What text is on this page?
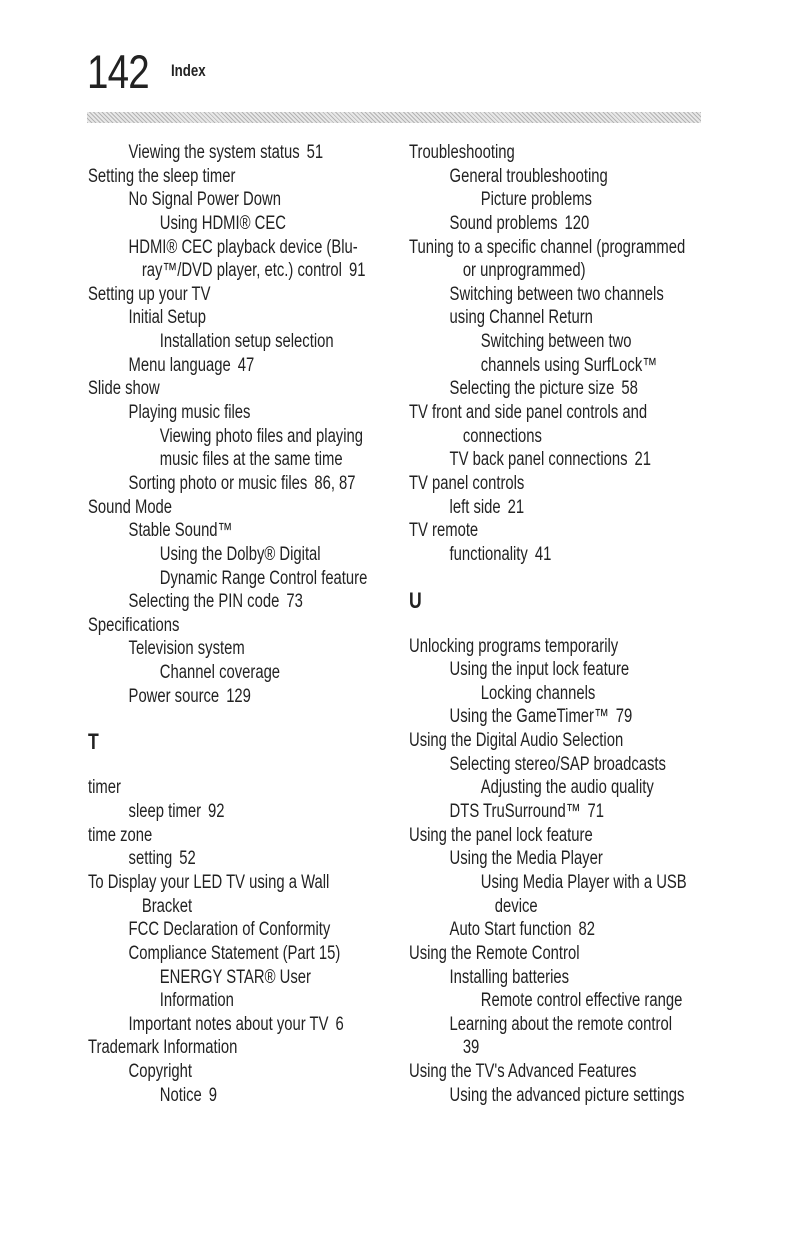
142 Index
Viewing the system status 51
Setting the sleep timer
No Signal Power Down
Using HDMI® CEC
HDMI® CEC playback device (Blu-
ray™/DVD player, etc.) control 91
Setting up your TV
Initial Setup
Installation setup selection
Menu language 47
Slide show
Playing music files
Viewing photo files and playing
music files at the same time
Sorting photo or music files 86, 87
Sound Mode
Stable Sound™
Using the Dolby® Digital
Dynamic Range Control feature
Selecting the PIN code 73
Specifications
Television system
Channel coverage
Power source 129
T
timer
sleep timer 92
time zone
setting 52
To Display your LED TV using a Wall
Bracket
FCC Declaration of Conformity
Compliance Statement (Part 15)
ENERGY STAR® User
Information
Important notes about your TV 6
Trademark Information
Copyright
Notice 9
Troubleshooting
General troubleshooting
Picture problems
Sound problems 120
Tuning to a specific channel (programmed
or unprogrammed)
Switching between two channels
using Channel Return
Switching between two
channels using SurfLock™
Selecting the picture size 58
TV front and side panel controls and
connections
TV back panel connections 21
TV panel controls
left side 21
TV remote
functionality 41
U
Unlocking programs temporarily
Using the input lock feature
Locking channels
Using the GameTimer™ 79
Using the Digital Audio Selection
Selecting stereo/SAP broadcasts
Adjusting the audio quality
DTS TruSurround™ 71
Using the panel lock feature
Using the Media Player
Using Media Player with a USB
device
Auto Start function 82
Using the Remote Control
Installing batteries
Remote control effective range
Learning about the remote control
39
Using the TV's Advanced Features
Using the advanced picture settings
